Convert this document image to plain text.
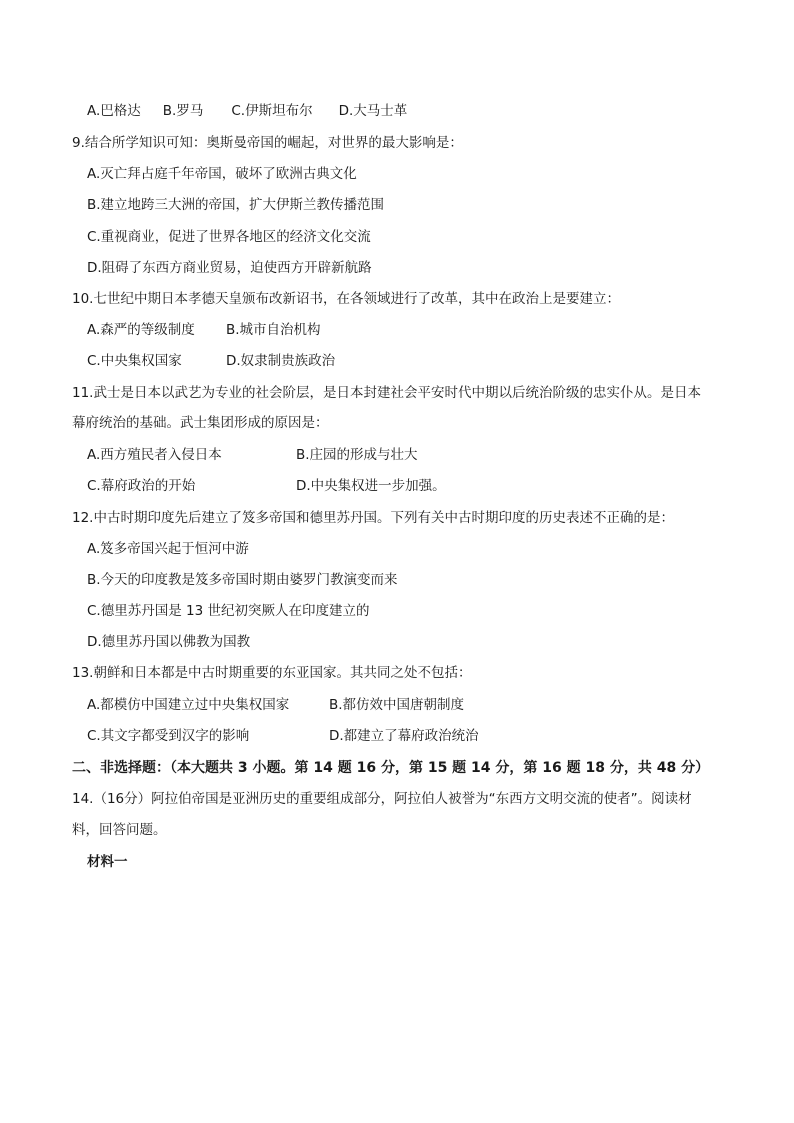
A.巴格达 B.罗马 C.伊斯坦布尔 D.大马士革
9.结合所学知识可知：奥斯曼帝国的崛起，对世界的最大影响是：
A.灭亡拜占庭千年帝国，破坏了欧洲古典文化
B.建立地跨三大洲的帝国，扩大伊斯兰教传播范围
C.重视商业，促进了世界各地区的经济文化交流
D.阻碍了东西方商业贸易，迫使西方开辟新航路
10.七世纪中期日本孝德天皇颁布改新诏书，在各领域进行了改革，其中在政治上是要建立：
A.森严的等级制度 B.城市自治机构
C.中央集权国家	D.奴隶制贵族政治
11.武士是日本以武艺为专业的社会阶层，是日本封建社会平安时代中期以后统治阶级的忠实仆从。是日本
幕府统治的基础。武士集团形成的原因是：
A.西方殖民者入侵日本	B.庄园的形成与壮大
C.幕府政治的开始	D.中央集权进一步加强。
12.中古时期印度先后建立了笈多帝国和德里苏丹国。下列有关中古时期印度的历史表述不正确的是：
A.笈多帝国兴起于恒河中游
B.今天的印度教是笈多帝国时期由婆罗门教演变而来
C.德里苏丹国是 13 世纪初突厥人在印度建立的
D.德里苏丹国以佛教为国教
13.朝鲜和日本都是中古时期重要的东亚国家。其共同之处不包括：
A.都模仿中国建立过中央集权国家	B.都仿效中国唐朝制度
C.其文字都受到汉字的影响	D.都建立了幕府政治统治
二、非选择题：（本大题共 3 小题。第 14 题 16 分，第 15 题 14 分，第 16 题 18 分，共 48 分）
14.（16分）阿拉伯帝国是亚洲历史的重要组成部分，阿拉伯人被誉为“东西方文明交流的使者”。阅读材
料，回答问题。
材料一
